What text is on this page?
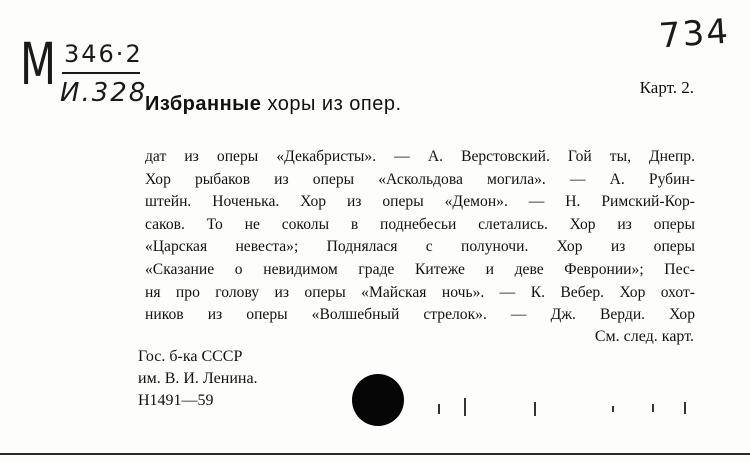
М 346·2
И.328
734
Карт. 2.
Избранные хоры из опер.
дат из оперы «Декабристы». — А. Верстовский. Гой ты, Днепр.
Хор рыбаков из оперы «Аскольдова могила». — А. Рубин-
штейн. Ноченька. Хор из оперы «Демон». — Н. Римский-Кор-
саков. То не соколы в поднебесьи слетались. Хор из оперы
«Царская невеста»; Поднялася с полуночи. Хор из оперы
«Сказание о невидимом граде Китеже и деве Февронии»; Пес-
ня про голову из оперы «Майская ночь». — К. Вебер. Хор охот-
ников из оперы «Волшебный стрелок». — Дж. Верди. Хор
См. след. карт.
Гос. б-ка СССР
им. В. И. Ленина.
Н1491—59
